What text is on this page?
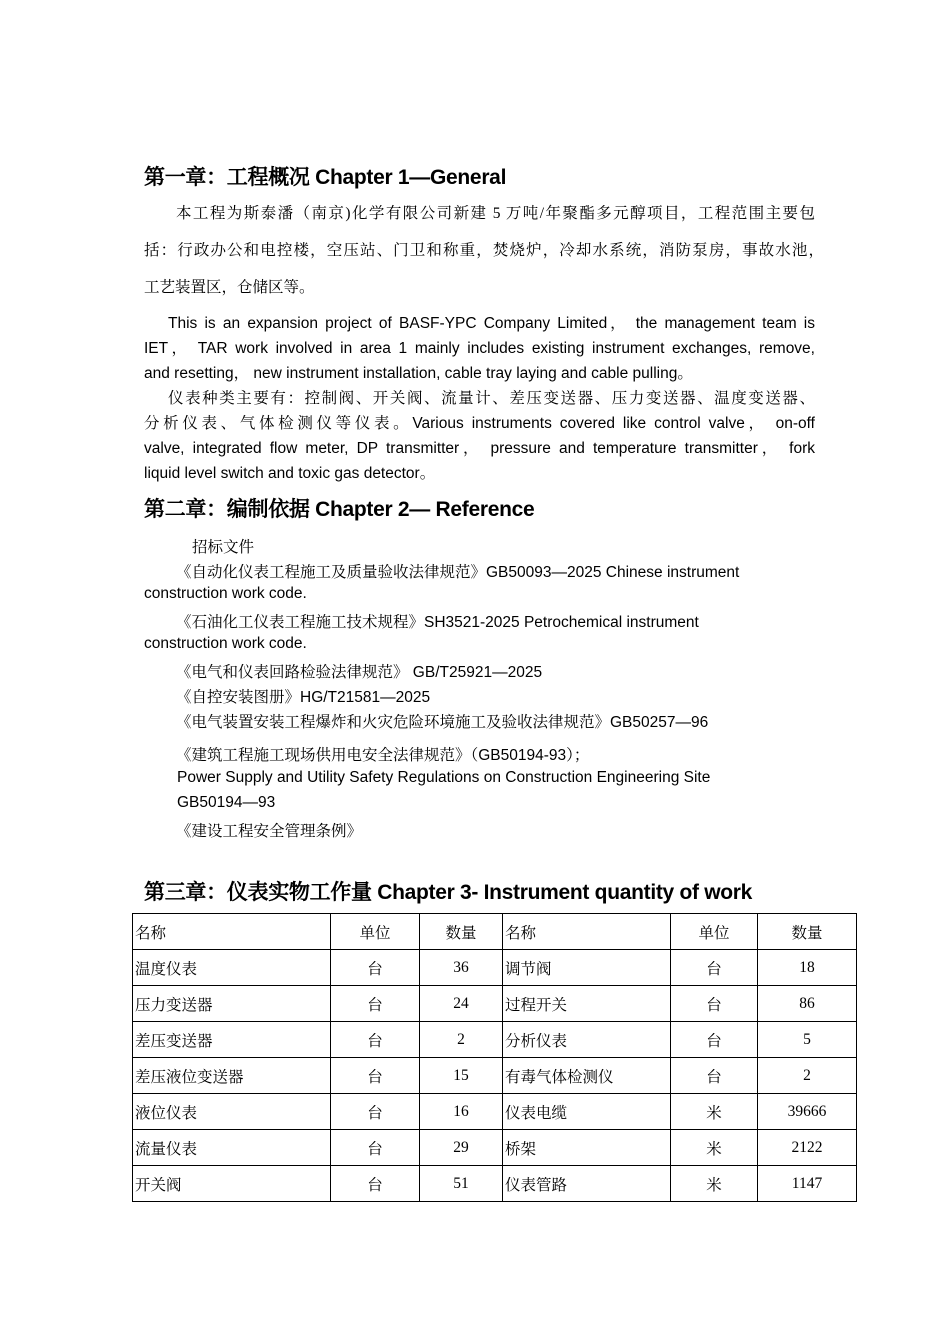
第一章：工程概况 Chapter 1—General
本工程为斯泰潘（南京)化学有限公司新建 5 万吨/年聚酯多元醇项目，工程范围主要包
括：行政办公和电控楼，空压站、门卫和称重，焚烧炉，冷却水系统，消防泵房，事故水池，
工艺装置区，仓储区等。
This is an expansion project of BASF-YPC Company Limited， the management team is
IET， TAR work involved in area 1 mainly includes existing instrument exchanges, remove,
and resetting， new instrument installation, cable tray laying and cable pulling。
仪表种类主要有：控制阀、开关阀、流量计、差压变送器、压力变送器、温度变送器、
分析仪表、气体检测仪等仪表。Various instruments covered like control valve， on-off
valve, integrated flow meter, DP transmitter， pressure and temperature transmitter， fork
liquid level switch and toxic gas detector。
第二章：编制依据 Chapter 2— Reference
招标文件
《自动化仪表工程施工及质量验收法律规范》GB50093—2025 Chinese instrument
construction work code.
《石油化工仪表工程施工技术规程》SH3521-2025 Petrochemical instrument
construction work code.
《电气和仪表回路检验法律规范》 GB/T25921—2025
《自控安装图册》HG/T21581—2025
《电气装置安装工程爆炸和火灾危险环境施工及验收法律规范》GB50257—96
《建筑工程施工现场供用电安全法律规范》（GB50194-93）；
Power Supply and Utility Safety Regulations on Construction Engineering Site
GB50194—93
《建设工程安全管理条例》
第三章：仪表实物工作量 Chapter 3- Instrument quantity of work
名称	单位	数量	名称	单位	数量
温度仪表	台	36	调节阀	台	18
压力变送器	台	24	过程开关	台	86
差压变送器	台	2	分析仪表	台	5
差压液位变送器	台	15	有毒气体检测仪	台	2
液位仪表	台	16	仪表电缆	米	39666
流量仪表	台	29	桥架	米	2122
开关阀	台	51	仪表管路	米	1147
